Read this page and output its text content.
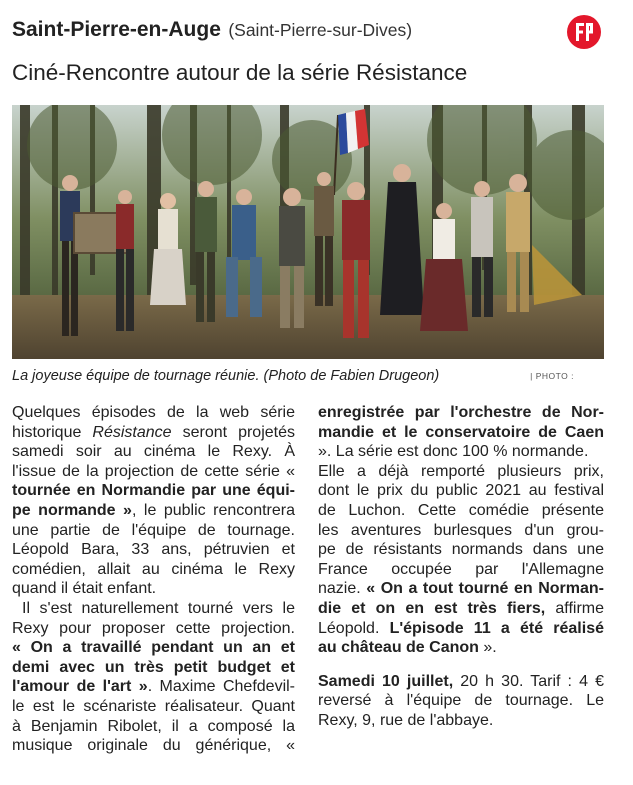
Saint-Pierre-en-Auge (Saint-Pierre-sur-Dives)
Ciné-Rencontre autour de la série Résistance
La joyeuse équipe de tournage réunie. (Photo de Fabien Drugeon)	| PHOTO :
Quelques épisodes de la web série
historique Résistance seront projetés
samedi soir au cinéma le Rexy. À
l'issue de la projection de cette série «
tournée en Normandie par une équi-
pe normande », le public rencontrera
une partie de l'équipe de tournage.
Léopold Bara, 33 ans, pétruvien et
comédien, allait au cinéma le Rexy
quand il était enfant.
Il s'est naturellement tourné vers le
Rexy pour proposer cette projection.
« On a travaillé pendant un an et
demi avec un très petit budget et
l'amour de l'art ». Maxime Chefdevil-
le est le scénariste réalisateur. Quant
à Benjamin Ribolet, il a composé la
musique originale du générique, «
enregistrée par l'orchestre de Nor-
mandie et le conservatoire de Caen
». La série est donc 100 % normande.
Elle a déjà remporté plusieurs prix,
dont le prix du public 2021 au festival
de Luchon. Cette comédie présente
les aventures burlesques d'un grou-
pe de résistants normands dans une
France occupée par l'Allemagne
nazie. « On a tout tourné en Norman-
die et on en est très fiers, affirme
Léopold. L'épisode 11 a été réalisé
au château de Canon ».
Samedi 10 juillet, 20 h 30. Tarif : 4 €
reversé à l'équipe de tournage. Le
Rexy, 9, rue de l'abbaye.
